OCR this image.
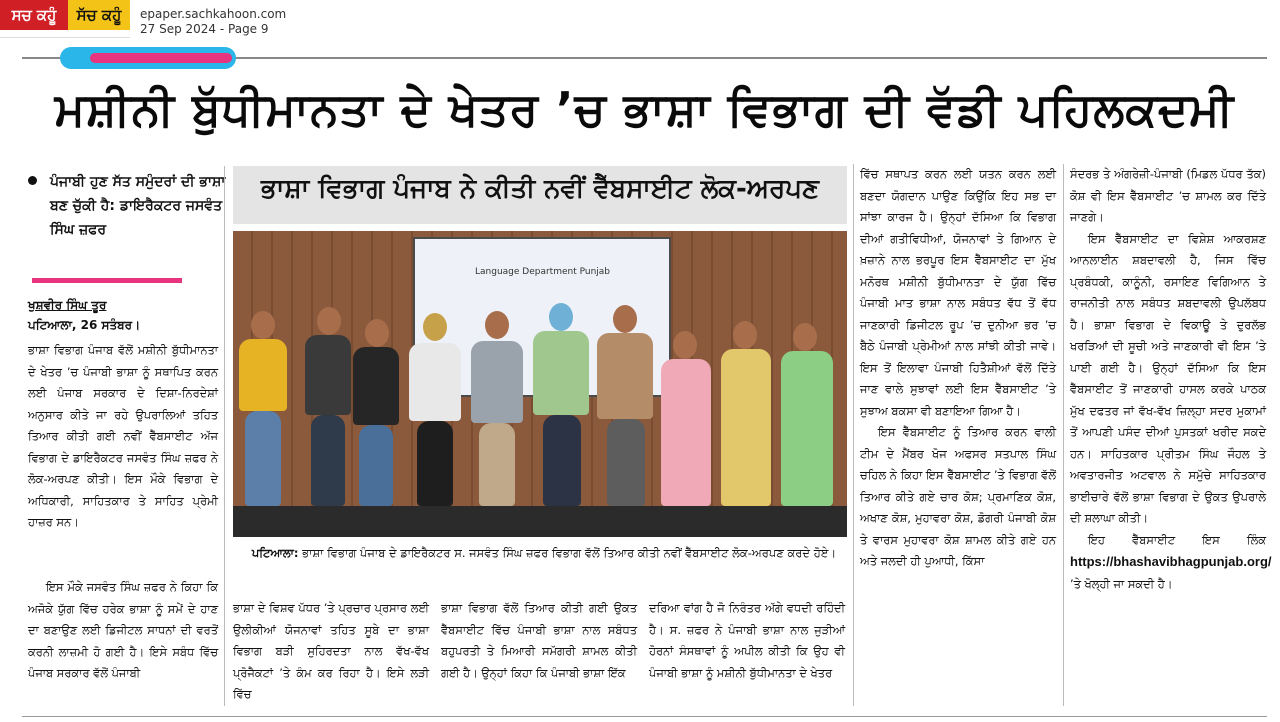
ਸਚ ਕਹੂੰ	ਸੱਚ ਕਹੂੰ	epaper.sachkahoon.com
27 Sep 2024 - Page 9
ਮਸ਼ੀਨੀ ਬੁੱਧੀਮਾਨਤਾ ਦੇ ਖੇਤਰ ’ਚ ਭਾਸ਼ਾ ਵਿਭਾਗ ਦੀ ਵੱਡੀ ਪਹਿਲਕਦਮੀ
ਭਾਸ਼ਾ ਵਿਭਾਗ ਪੰਜਾਬ ਨੇ ਕੀਤੀ ਨਵੀਂ ਵੈੱਬਸਾਈਟ ਲੋਕ-ਅਰਪਣ
ਪੰਜਾਬੀ ਹੁਣ ਸੱਤ ਸਮੁੰਦਰਾਂ ਦੀ ਭਾਸ਼ਾ ਬਣ ਚੁੱਕੀ ਹੈ: ਡਾਇਰੈਕਟਰ ਜਸਵੰਤ ਸਿੰਘ ਜ਼ਫਰ
ਖੁਸ਼ਵੀਰ ਸਿੰਘ ਤੂਰ
ਪਟਿਆਲਾ, 26 ਸਤੰਬਰ।

ਭਾਸ਼ਾ ਵਿਭਾਗ ਪੰਜਾਬ ਵੱਲੋਂ ਮਸ਼ੀਨੀ ਬੁੱਧੀਮਾਨਤਾ ਦੇ ਖੇਤਰ ’ਚ ਪੰਜਾਬੀ ਭਾਸ਼ਾ ਨੂੰ ਸਥਾਪਿਤ ਕਰਨ ਲਈ ਪੰਜਾਬ ਸਰਕਾਰ ਦੇ ਦਿਸ਼ਾ-ਨਿਰਦੇਸ਼ਾਂ ਅਨੁਸਾਰ ਕੀਤੇ ਜਾ ਰਹੇ ਉਪਰਾਲਿਆਂ ਤਹਿਤ ਤਿਆਰ ਕੀਤੀ ਗਈ ਨਵੀਂ ਵੈੱਬਸਾਈਟ ਅੱਜ ਵਿਭਾਗ ਦੇ ਡਾਇਰੈਕਟਰ ਜਸਵੰਤ ਸਿੰਘ ਜ਼ਫਰ ਨੇ ਲੋਕ-ਅਰਪਣ ਕੀਤੀ। ਇਸ ਮੌਕੇ ਵਿਭਾਗ ਦੇ ਅਧਿਕਾਰੀ, ਸਾਹਿਤਕਾਰ ਤੇ ਸਾਹਿਤ ਪ੍ਰੇਮੀ ਹਾਜ਼ਰ ਸਨ।

ਇਸ ਮੌਕੇ ਜਸਵੰਤ ਸਿੰਘ ਜ਼ਫਰ ਨੇ ਕਿਹਾ ਕਿ ਅਜੋਕੇ ਯੁੱਗ ਵਿੱਚ ਹਰੇਕ ਭਾਸ਼ਾ ਨੂੰ ਸਮੇਂ ਦੇ ਹਾਣ ਦਾ ਬਣਾਉਣ ਲਈ ਡਿਜੀਟਲ ਸਾਧਨਾਂ ਦੀ ਵਰਤੋਂ ਕਰਨੀ ਲਾਜ਼ਮੀ ਹੋ ਗਈ ਹੈ। ਇਸੇ ਸਬੰਧ ਵਿੱਚ ਪੰਜਾਬ ਸਰਕਾਰ ਵੱਲੋਂ ਪੰਜਾਬੀ

Language Department Punjab
ਪਟਿਆਲਾ: ਭਾਸ਼ਾ ਵਿਭਾਗ ਪੰਜਾਬ ਦੇ ਡਾਇਰੈਕਟਰ ਸ. ਜਸਵੰਤ ਸਿੰਘ ਜ਼ਫਰ ਵਿਭਾਗ ਵੱਲੋਂ ਤਿਆਰ ਕੀਤੀ ਨਵੀਂ ਵੈੱਬਸਾਈਟ ਲੋਕ-ਅਰਪਣ ਕਰਦੇ ਹੋਏ।

ਭਾਸ਼ਾ ਦੇ ਵਿਸ਼ਵ ਪੱਧਰ ’ਤੇ ਪ੍ਰਚਾਰ ਪ੍ਰਸਾਰ ਲਈ ਉਲੀਕੀਆਂ ਯੋਜਨਾਵਾਂ ਤਹਿਤ ਸੂਬੇ ਦਾ ਭਾਸ਼ਾ ਵਿਭਾਗ ਬੜੀ ਸੁਹਿਰਦਤਾ ਨਾਲ ਵੱਖ-ਵੱਖ ਪ੍ਰੋਜੈਕਟਾਂ ’ਤੇ ਕੰਮ ਕਰ ਰਿਹਾ ਹੈ। ਇਸੇ ਲੜੀ ਵਿੱਚ

ਭਾਸ਼ਾ ਵਿਭਾਗ ਵੱਲੋਂ ਤਿਆਰ ਕੀਤੀ ਗਈ ਉਕਤ ਵੈੱਬਸਾਈਟ ਵਿੱਚ ਪੰਜਾਬੀ ਭਾਸ਼ਾ ਨਾਲ ਸਬੰਧਤ ਬਹੁਪਰਤੀ ਤੇ ਮਿਆਰੀ ਸਮੱਗਰੀ ਸ਼ਾਮਲ ਕੀਤੀ ਗਈ ਹੈ। ਉਨ੍ਹਾਂ ਕਿਹਾ ਕਿ ਪੰਜਾਬੀ ਭਾਸ਼ਾ ਇੱਕ

ਦਰਿਆ ਵਾਂਗ ਹੈ ਜੋ ਨਿਰੰਤਰ ਅੱਗੇ ਵਧਦੀ ਰਹਿੰਦੀ ਹੈ। ਸ. ਜ਼ਫਰ ਨੇ ਪੰਜਾਬੀ ਭਾਸ਼ਾ ਨਾਲ ਜੁੜੀਆਂ ਹੋਰਨਾਂ ਸੰਸਥਾਵਾਂ ਨੂੰ ਅਪੀਲ ਕੀਤੀ ਕਿ ਉਹ ਵੀ ਪੰਜਾਬੀ ਭਾਸ਼ਾ ਨੂੰ ਮਸ਼ੀਨੀ ਬੁੱਧੀਮਾਨਤਾ ਦੇ ਖੇਤਰ

ਵਿੱਚ ਸਥਾਪਤ ਕਰਨ ਲਈ ਯਤਨ ਕਰਨ ਲਈ ਬਣਦਾ ਯੋਗਦਾਨ ਪਾਉਣ ਕਿਉਂਕਿ ਇਹ ਸਭ ਦਾ ਸਾਂਝਾ ਕਾਰਜ ਹੈ। ਉਨ੍ਹਾਂ ਦੱਸਿਆ ਕਿ ਵਿਭਾਗ ਦੀਆਂ ਗਤੀਵਿਧੀਆਂ, ਯੋਜਨਾਵਾਂ ਤੇ ਗਿਆਨ ਦੇ ਖ਼ਜ਼ਾਨੇ ਨਾਲ ਭਰਪੂਰ ਇਸ ਵੈੱਬਸਾਈਟ ਦਾ ਮੁੱਖ ਮਨੋਰਥ ਮਸ਼ੀਨੀ ਬੁੱਧੀਮਾਨਤਾ ਦੇ ਯੁੱਗ ਵਿੱਚ ਪੰਜਾਬੀ ਮਾਤ ਭਾਸ਼ਾ ਨਾਲ ਸਬੰਧਤ ਵੱਧ ਤੋਂ ਵੱਧ ਜਾਣਕਾਰੀ ਡਿਜੀਟਲ ਰੂਪ ’ਚ ਦੁਨੀਆ ਭਰ ’ਚ ਬੈਠੇ ਪੰਜਾਬੀ ਪ੍ਰੇਮੀਆਂ ਨਾਲ ਸਾਂਝੀ ਕੀਤੀ ਜਾਵੇ। ਇਸ ਤੋਂ ਇਲਾਵਾ ਪੰਜਾਬੀ ਹਿਤੈਸ਼ੀਆਂ ਵੱਲੋਂ ਦਿੱਤੇ ਜਾਣ ਵਾਲੇ ਸੁਝਾਵਾਂ ਲਈ ਇਸ ਵੈੱਬਸਾਈਟ ’ਤੇ ਸੁਝਾਅ ਬਕਸਾ ਵੀ ਬਣਾਇਆ ਗਿਆ ਹੈ।

ਇਸ ਵੈੱਬਸਾਈਟ ਨੂੰ ਤਿਆਰ ਕਰਨ ਵਾਲੀ ਟੀਮ ਦੇ ਮੈਂਬਰ ਖੋਜ ਅਫਸਰ ਸਤਪਾਲ ਸਿੰਘ ਚਹਿਲ ਨੇ ਕਿਹਾ ਇਸ ਵੈੱਬਸਾਈਟ ’ਤੇ ਵਿਭਾਗ ਵੱਲੋਂ ਤਿਆਰ ਕੀਤੇ ਗਏ ਚਾਰ ਕੋਸ਼; ਪ੍ਰਮਾਣਿਕ ਕੋਸ਼, ਅਖਾਣ ਕੋਸ਼, ਮੁਹਾਵਰਾ ਕੋਸ਼, ਡੋਗਰੀ ਪੰਜਾਬੀ ਕੋਸ਼ ਤੇ ਵਾਰਸ ਮੁਹਾਵਰਾ ਕੋਸ਼ ਸ਼ਾਮਲ ਕੀਤੇ ਗਏ ਹਨ ਅਤੇ ਜਲਦੀ ਹੀ ਪੁਆਧੀ, ਕਿੱਸਾ

ਸੰਦਰਭ ਤੇ ਅੰਗਰੇਜ਼ੀ-ਪੰਜਾਬੀ (ਮਿਡਲ ਪੱਧਰ ਤੱਕ) ਕੋਸ਼ ਵੀ ਇਸ ਵੈੱਬਸਾਈਟ ’ਚ ਸ਼ਾਮਲ ਕਰ ਦਿੱਤੇ ਜਾਣਗੇ।

ਇਸ ਵੈੱਬਸਾਈਟ ਦਾ ਵਿਸ਼ੇਸ਼ ਆਕਰਸ਼ਣ ਆਨਲਾਈਨ ਸ਼ਬਦਾਵਲੀ ਹੈ, ਜਿਸ ਵਿੱਚ ਪ੍ਰਬੰਧਕੀ, ਕਾਨੂੰਨੀ, ਰਸਾਇਣ ਵਿਗਿਆਨ ਤੇ ਰਾਜਨੀਤੀ ਨਾਲ ਸਬੰਧਤ ਸ਼ਬਦਾਵਲੀ ਉਪਲੱਬਧ ਹੈ। ਭਾਸ਼ਾ ਵਿਭਾਗ ਦੇ ਵਿਕਾਊ ਤੇ ਦੁਰਲੱਭ ਖਰੜਿਆਂ ਦੀ ਸੂਚੀ ਅਤੇ ਜਾਣਕਾਰੀ ਵੀ ਇਸ ’ਤੇ ਪਾਈ ਗਈ ਹੈ। ਉਨ੍ਹਾਂ ਦੱਸਿਆ ਕਿ ਇਸ ਵੈੱਬਸਾਈਟ ਤੋਂ ਜਾਣਕਾਰੀ ਹਾਸਲ ਕਰਕੇ ਪਾਠਕ ਮੁੱਖ ਦਫਤਰ ਜਾਂ ਵੱਖ-ਵੱਖ ਜ਼ਿਲ੍ਹਾ ਸਦਰ ਮੁਕਾਮਾਂ ਤੋਂ ਆਪਣੀ ਪਸੰਦ ਦੀਆਂ ਪੁਸਤਕਾਂ ਖਰੀਦ ਸਕਦੇ ਹਨ। ਸਾਹਿਤਕਾਰ ਪ੍ਰੀਤਮ ਸਿੰਘ ਜੌਹਲ ਤੇ ਅਵਤਾਰਜੀਤ ਅਟਵਾਲ ਨੇ ਸਮੁੱਚੇ ਸਾਹਿਤਕਾਰ ਭਾਈਚਾਰੇ ਵੱਲੋਂ ਭਾਸ਼ਾ ਵਿਭਾਗ ਦੇ ਉਕਤ ਉਪਰਾਲੇ ਦੀ ਸ਼ਲਾਘਾ ਕੀਤੀ।

ਇਹ ਵੈੱਬਸਾਈਟ ਇਸ ਲਿੰਕ https://bhashavibhagpunjab.org/ ’ਤੇ ਖੋਲ੍ਹੀ ਜਾ ਸਕਦੀ ਹੈ।
